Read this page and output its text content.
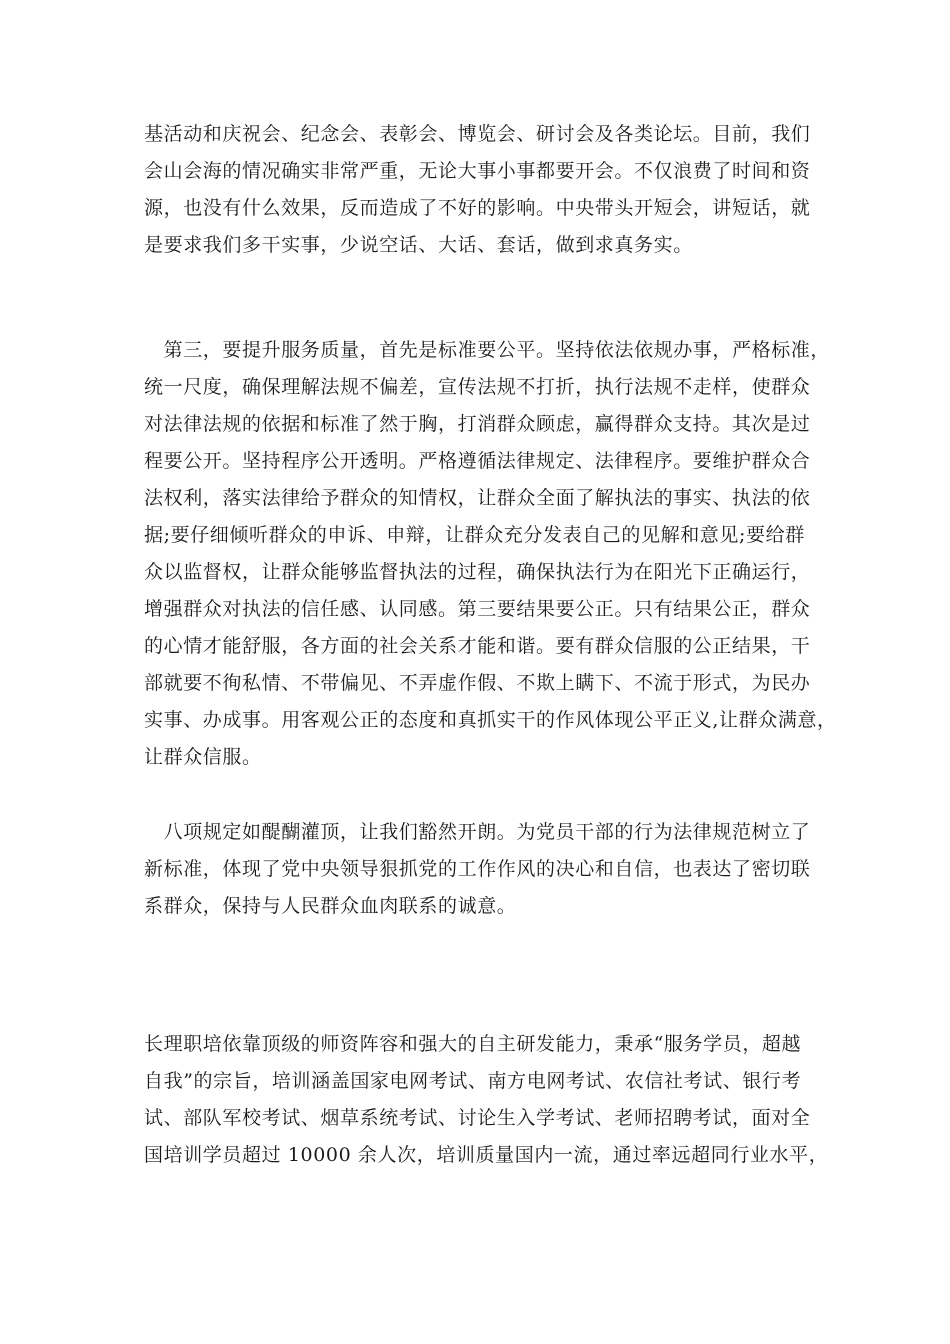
基活动和庆祝会、纪念会、表彰会、博览会、研讨会及各类论坛。目前，我们
会山会海的情况确实非常严重，无论大事小事都要开会。不仅浪费了时间和资
源，也没有什么效果，反而造成了不好的影响。中央带头开短会，讲短话，就
是要求我们多干实事，少说空话、大话、套话，做到求真务实。

　第三，要提升服务质量，首先是标准要公平。坚持依法依规办事，严格标准，
统一尺度，确保理解法规不偏差，宣传法规不打折，执行法规不走样，使群众
对法律法规的依据和标准了然于胸，打消群众顾虑，赢得群众支持。其次是过
程要公开。坚持程序公开透明。严格遵循法律规定、法律程序。要维护群众合
法权利，落实法律给予群众的知情权，让群众全面了解执法的事实、执法的依
据;要仔细倾听群众的申诉、申辩，让群众充分发表自己的见解和意见;要给群
众以监督权，让群众能够监督执法的过程，确保执法行为在阳光下正确运行，
增强群众对执法的信任感、认同感。第三要结果要公正。只有结果公正，群众
的心情才能舒服，各方面的社会关系才能和谐。要有群众信服的公正结果，干
部就要不徇私情、不带偏见、不弄虚作假、不欺上瞒下、不流于形式，为民办
实事、办成事。用客观公正的态度和真抓实干的作风体现公平正义,让群众满意，
让群众信服。

　八项规定如醍醐灌顶，让我们豁然开朗。为党员干部的行为法律规范树立了
新标准，体现了党中央领导狠抓党的工作作风的决心和自信，也表达了密切联
系群众，保持与人民群众血肉联系的诚意。

长理职培依靠顶级的师资阵容和强大的自主研发能力，秉承“服务学员，超越
自我”的宗旨，培训涵盖国家电网考试、南方电网考试、农信社考试、银行考
试、部队军校考试、烟草系统考试、讨论生入学考试、老师招聘考试，面对全
国培训学员超过 10000 余人次，培训质量国内一流，通过率远超同行业水平，
